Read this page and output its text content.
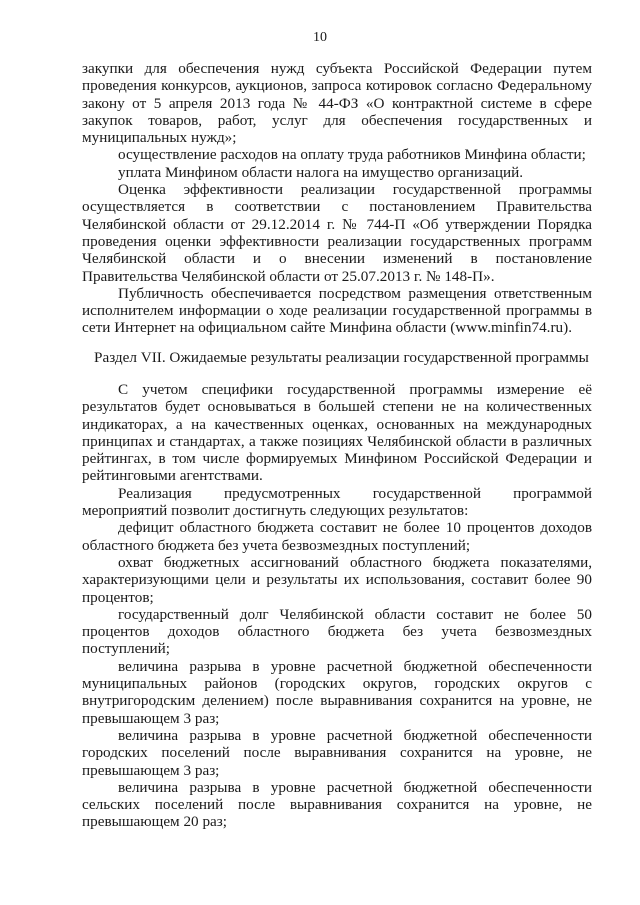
10

закупки для обеспечения нужд субъекта Российской Федерации путем проведения конкурсов, аукционов, запроса котировок согласно Федеральному закону от 5 апреля 2013 года № 44-ФЗ «О контрактной системе в сфере закупок товаров, работ, услуг для обеспечения государственных и муниципальных нужд»;

осуществление расходов на оплату труда работников Минфина области;

уплата Минфином области налога на имущество организаций.

Оценка эффективности реализации государственной программы осуществляется в соответствии с постановлением Правительства Челябинской области от 29.12.2014 г. № 744-П «Об утверждении Порядка проведения оценки эффективности реализации государственных программ Челябинской области и о внесении изменений в постановление Правительства Челябинской области от 25.07.2013 г. № 148-П».

Публичность обеспечивается посредством размещения ответственным исполнителем информации о ходе реализации государственной программы в сети Интернет на официальном сайте Минфина области (www.minfin74.ru).

Раздел VII. Ожидаемые результаты реализации государственной программы

С учетом специфики государственной программы измерение её результатов будет основываться в большей степени не на количественных индикаторах, а на качественных оценках, основанных на международных принципах и стандартах, а также позициях Челябинской области в различных рейтингах, в том числе формируемых Минфином Российской Федерации и рейтинговыми агентствами.

Реализация предусмотренных государственной программой мероприятий позволит достигнуть следующих результатов:

дефицит областного бюджета составит не более 10 процентов доходов областного бюджета без учета безвозмездных поступлений;

охват бюджетных ассигнований областного бюджета показателями, характеризующими цели и результаты их использования, составит более 90 процентов;

государственный долг Челябинской области составит не более 50 процентов доходов областного бюджета без учета безвозмездных поступлений;

величина разрыва в уровне расчетной бюджетной обеспеченности муниципальных районов (городских округов, городских округов с внутригородским делением) после выравнивания сохранится на уровне, не превышающем 3 раз;

величина разрыва в уровне расчетной бюджетной обеспеченности городских поселений после выравнивания сохранится на уровне, не превышающем 3 раз;

величина разрыва в уровне расчетной бюджетной обеспеченности сельских поселений после выравнивания сохранится на уровне, не превышающем 20 раз;
